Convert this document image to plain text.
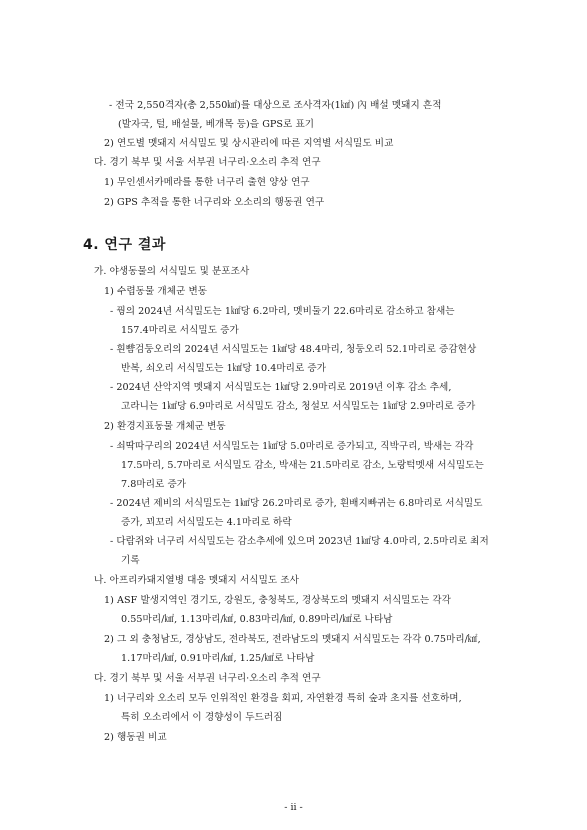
- 전국 2,550격자(총 2,550㎢)를 대상으로 조사격자(1㎢) 內 배설 멧돼지 흔적
(발자국, 털, 배설물, 베개목 등)을 GPS로 표기
2) 연도별 멧돼지 서식밀도 및 상시관리에 따른 지역별 서식밀도 비교
다. 경기 북부 및 서울 서부권 너구리·오소리 추적 연구
1) 무인센서카메라를 통한 너구리 출현 양상 연구
2) GPS 추적을 통한 너구리와 오소리의 행동권 연구
4. 연구 결과
가. 야생동물의 서식밀도 및 분포조사
1) 수렵동물 개체군 변동
- 꿩의 2024년 서식밀도는 1㎢당 6.2마리, 멧비둘기 22.6마리로 감소하고 참새는
157.4마리로 서식밀도 증가
- 흰뺨검둥오리의 2024년 서식밀도는 1㎢당 48.4마리, 청둥오리 52.1마리로 증감현상
반복, 쇠오리 서식밀도는 1㎢당 10.4마리로 증가
- 2024년 산악지역 멧돼지 서식밀도는 1㎢당 2.9마리로 2019년 이후 감소 추세,
고라니는 1㎢당 6.9마리로 서식밀도 감소, 청설모 서식밀도는 1㎢당 2.9마리로 증가
2) 환경지표동물 개체군 변동
- 쇠딱따구리의 2024년 서식밀도는 1㎢당 5.0마리로 증가되고, 직박구리, 박새는 각각
17.5마리, 5.7마리로 서식밀도 감소, 박새는 21.5마리로 감소, 노랑턱멧새 서식밀도는
7.8마리로 증가
- 2024년 제비의 서식밀도는 1㎢당 26.2마리로 증가, 흰배지빠귀는 6.8마리로 서식밀도
증가, 꾀꼬리 서식밀도는 4.1마리로 하락
- 다람쥐와 너구리 서식밀도는 감소추세에 있으며 2023년 1㎢당 4.0마리, 2.5마리로 최저
기록
나. 아프리카돼지열병 대응 멧돼지 서식밀도 조사
1) ASF 발생지역인 경기도, 강원도, 충청북도, 경상북도의 멧돼지 서식밀도는 각각
0.55마리/㎢, 1.13마리/㎢, 0.83마리/㎢, 0.89마리/㎢로 나타남
2) 그 외 충청남도, 경상남도, 전라북도, 전라남도의 멧돼지 서식밀도는 각각 0.75마리/㎢,
1.17마리/㎢, 0.91마리/㎢, 1.25/㎢로 나타남
다. 경기 북부 및 서울 서부권 너구리·오소리 추적 연구
1) 너구리와 오소리 모두 인위적인 환경을 회피, 자연환경 특히 숲과 초지를 선호하며,
특히 오소리에서 이 경향성이 두드러짐
2) 행동권 비교
- ii -
